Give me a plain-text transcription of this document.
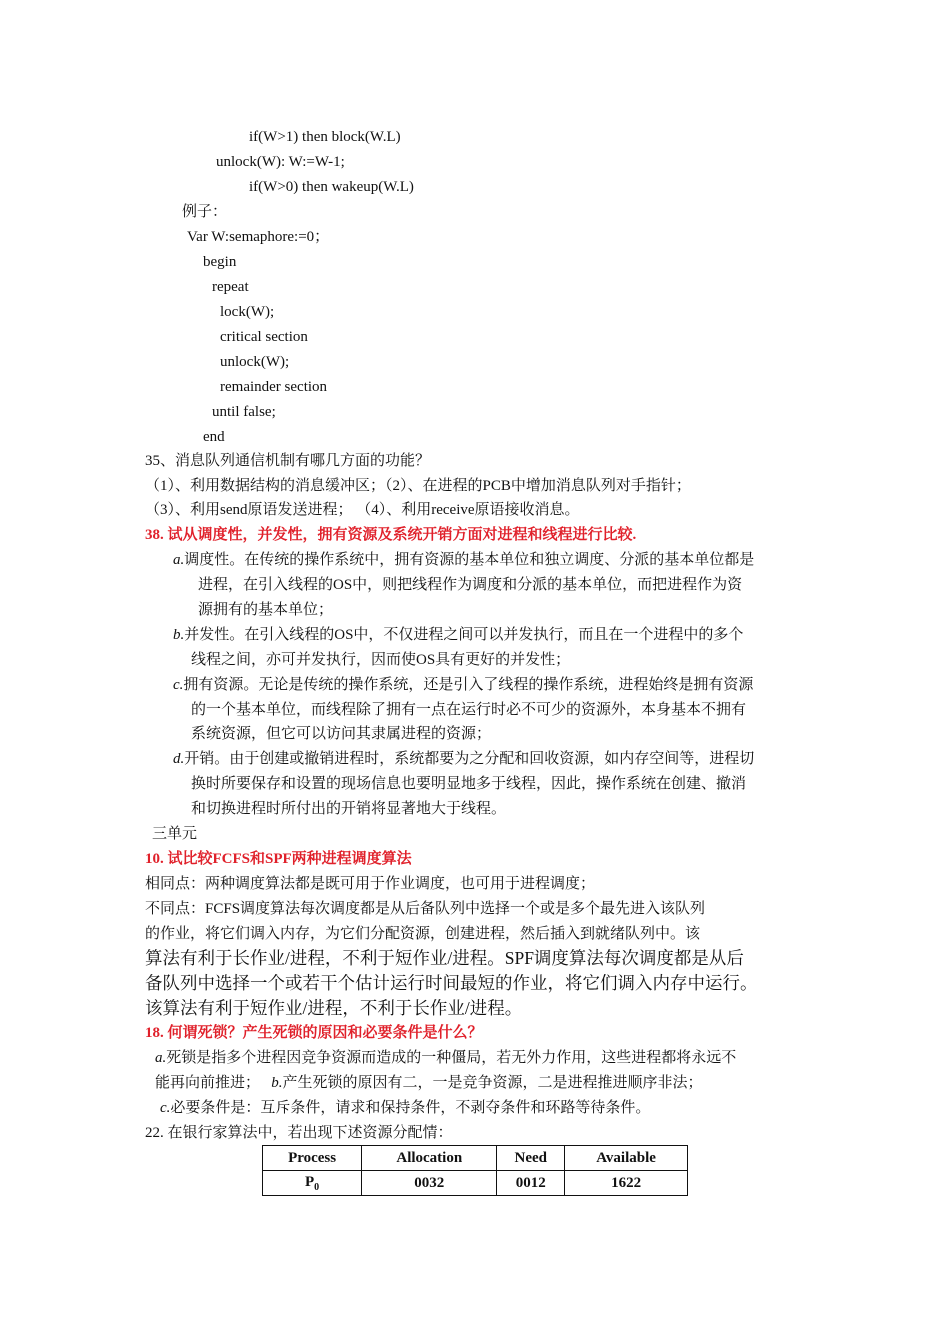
if(W>1) then block(W.L)
unlock(W): W:=W-1;
if(W>0) then wakeup(W.L)
例子：
Var W:semaphore:=0；
begin
repeat
lock(W);
critical section
unlock(W);
remainder section
until false;
end
35、消息队列通信机制有哪几方面的功能？
（1）、利用数据结构的消息缓冲区；（2）、在进程的PCB中增加消息队列对手指针；
（3）、利用send原语发送进程； （4）、利用receive原语接收消息。
38. 试从调度性，并发性，拥有资源及系统开销方面对进程和线程进行比较.
a.调度性。在传统的操作系统中，拥有资源的基本单位和独立调度、分派的基本单位都是
进程，在引入线程的OS中，则把线程作为调度和分派的基本单位，而把进程作为资
源拥有的基本单位；
b.并发性。在引入线程的OS中，不仅进程之间可以并发执行，而且在一个进程中的多个
线程之间，亦可并发执行，因而使OS具有更好的并发性；
c.拥有资源。无论是传统的操作系统，还是引入了线程的操作系统，进程始终是拥有资源
的一个基本单位，而线程除了拥有一点在运行时必不可少的资源外，本身基本不拥有
系统资源，但它可以访问其隶属进程的资源；
d.开销。由于创建或撤销进程时，系统都要为之分配和回收资源，如内存空间等，进程切
换时所要保存和设置的现场信息也要明显地多于线程，因此，操作系统在创建、撤消
和切换进程时所付出的开销将显著地大于线程。
三单元
10. 试比较FCFS和SPF两种进程调度算法
相同点：两种调度算法都是既可用于作业调度，也可用于进程调度；
不同点：FCFS调度算法每次调度都是从后备队列中选择一个或是多个最先进入该队列
的作业，将它们调入内存，为它们分配资源，创建进程，然后插入到就绪队列中。该
算法有利于长作业/进程，不利于短作业/进程。SPF调度算法每次调度都是从后
备队列中选择一个或若干个估计运行时间最短的作业，将它们调入内存中运行。
该算法有利于短作业/进程，不利于长作业/进程。
18. 何谓死锁？产生死锁的原因和必要条件是什么？
a.死锁是指多个进程因竞争资源而造成的一种僵局，若无外力作用，这些进程都将永远不
能再向前推进； b.产生死锁的原因有二，一是竞争资源，二是进程推进顺序非法；
c.必要条件是：互斥条件，请求和保持条件，不剥夺条件和环路等待条件。
22. 在银行家算法中，若出现下述资源分配情：
Process	Allocation	Need	Available
$P_0$	0032	0012	1622
